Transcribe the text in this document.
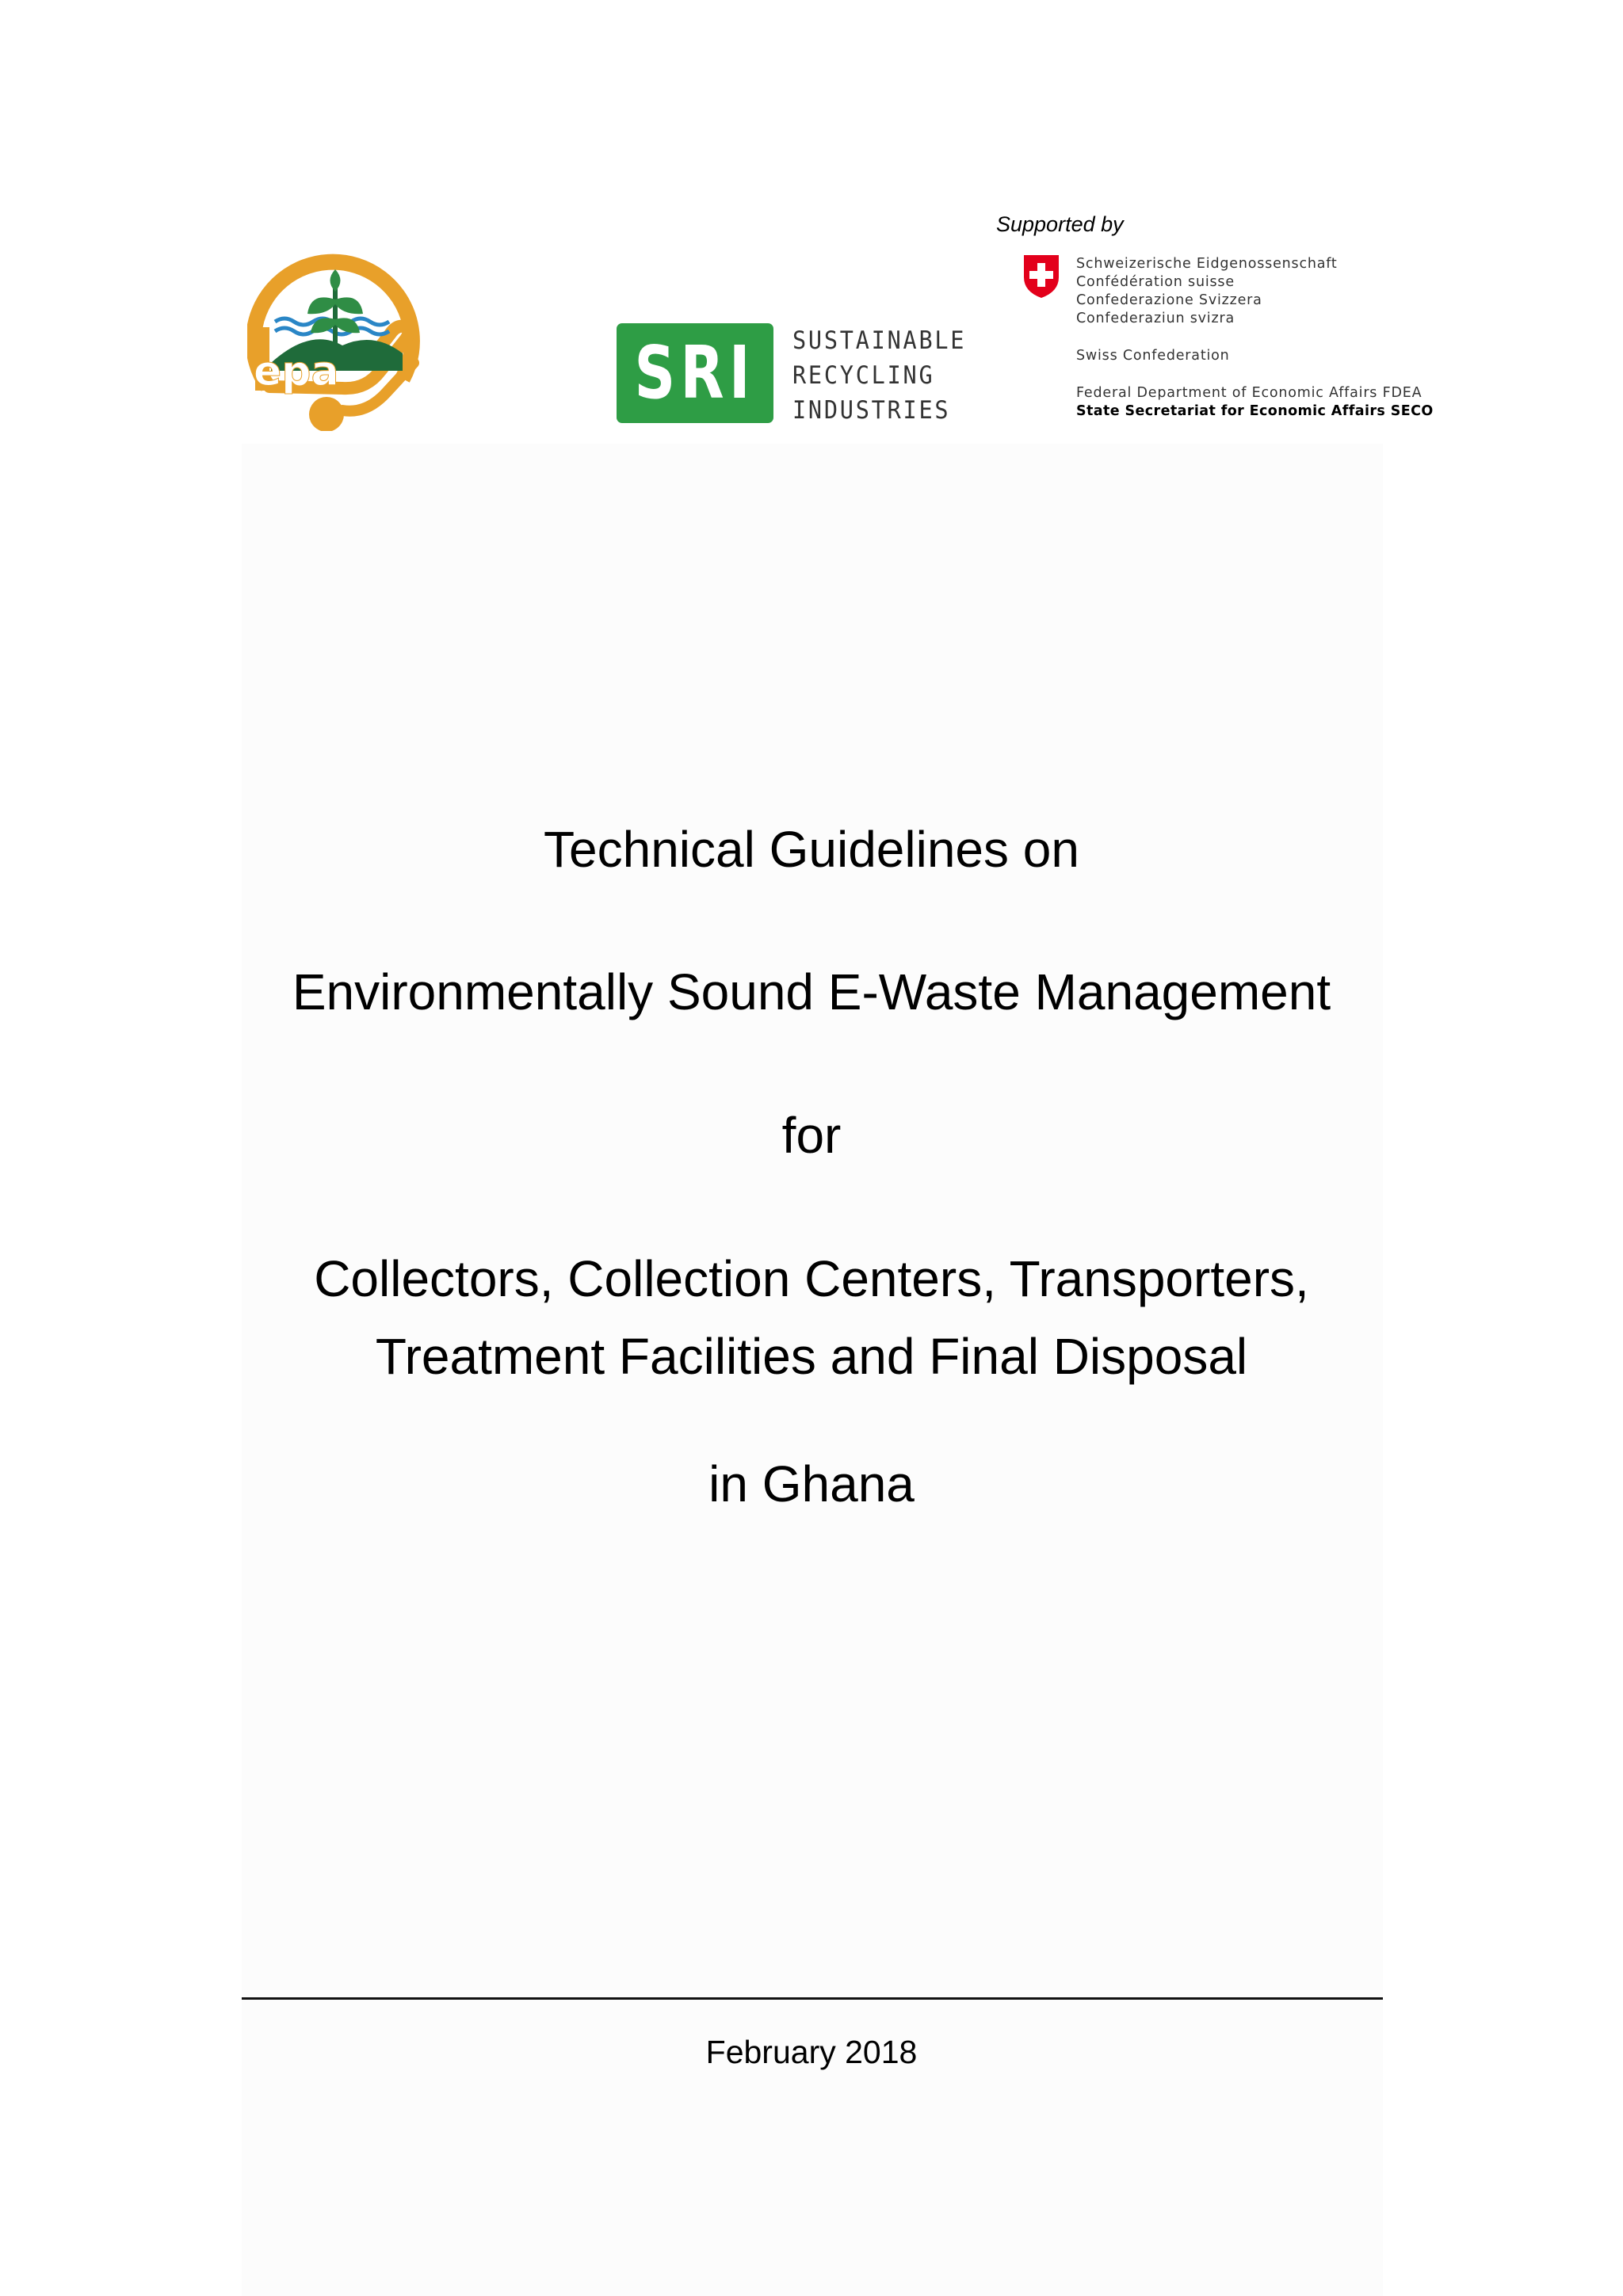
epa	SRI	SUSTAINABLE
RECYCLING
INDUSTRIES
Supported by
Schweizerische Eidgenossenschaft
Confédération suisse
Confederazione Svizzera
Confederaziun svizra
Swiss Confederation
Federal Department of Economic Affairs FDEA
State Secretariat for Economic Affairs SECO
Technical Guidelines on
Environmentally Sound E-Waste Management
for
Collectors, Collection Centers, Transporters,
Treatment Facilities and Final Disposal
in Ghana
February 2018
